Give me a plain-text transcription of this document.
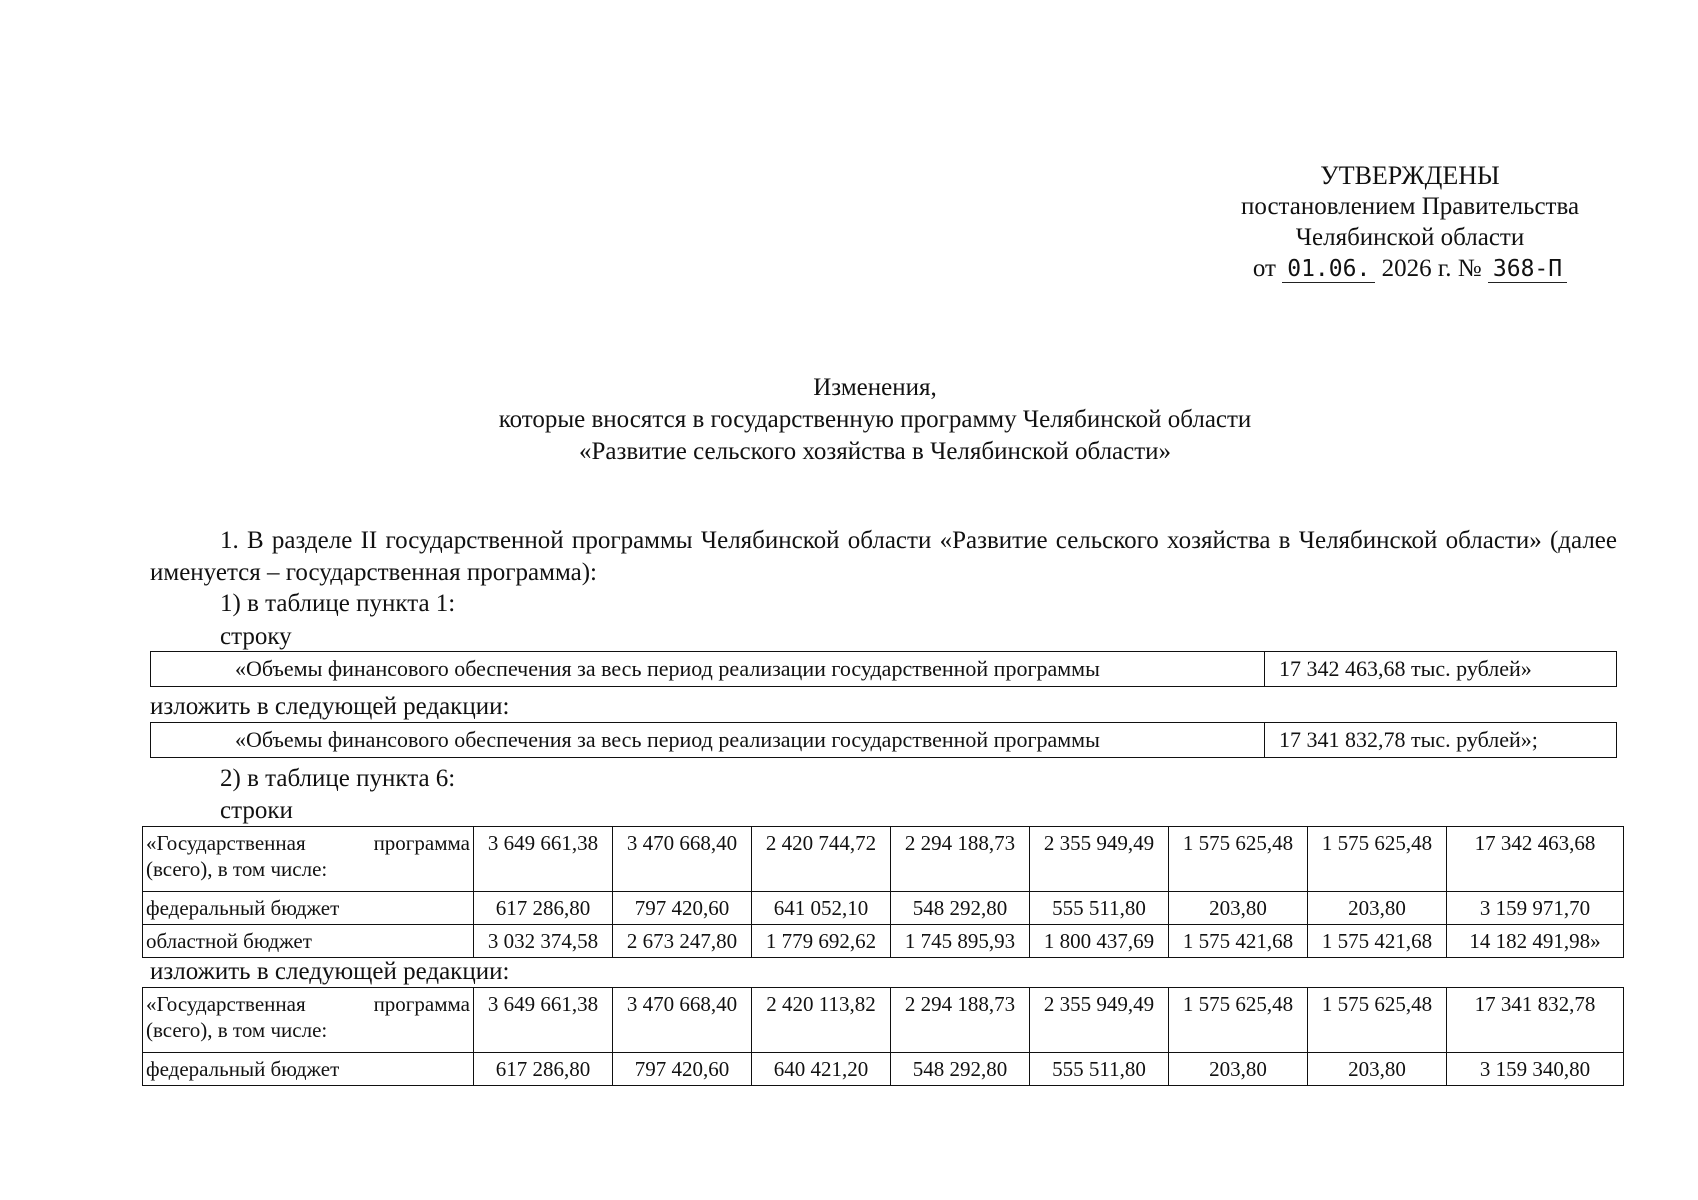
УТВЕРЖДЕНЫ
постановлением Правительства
Челябинской области
от 01.06. 2026 г. № 368-П
Изменения,
которые вносятся в государственную программу Челябинской области
«Развитие сельского хозяйства в Челябинской области»
1. В разделе II государственной программы Челябинской области «Развитие сельского хозяйства в Челябинской области» (далее именуется – государственная программа):
1) в таблице пункта 1:
строку
«Объемы финансового обеспечения за весь период реализации государственной программы	17 342 463,68 тыс. рублей»
изложить в следующей редакции:
«Объемы финансового обеспечения за весь период реализации государственной программы	17 341 832,78 тыс. рублей»;
2) в таблице пункта 6:
строки
«Государственная программа (всего), в том числе:	3 649 661,38	3 470 668,40	2 420 744,72	2 294 188,73	2 355 949,49	1 575 625,48	1 575 625,48	17 342 463,68
федеральный бюджет	617 286,80	797 420,60	641 052,10	548 292,80	555 511,80	203,80	203,80	3 159 971,70
областной бюджет	3 032 374,58	2 673 247,80	1 779 692,62	1 745 895,93	1 800 437,69	1 575 421,68	1 575 421,68	14 182 491,98»
изложить в следующей редакции:
«Государственная программа (всего), в том числе:	3 649 661,38	3 470 668,40	2 420 113,82	2 294 188,73	2 355 949,49	1 575 625,48	1 575 625,48	17 341 832,78
федеральный бюджет	617 286,80	797 420,60	640 421,20	548 292,80	555 511,80	203,80	203,80	3 159 340,80
